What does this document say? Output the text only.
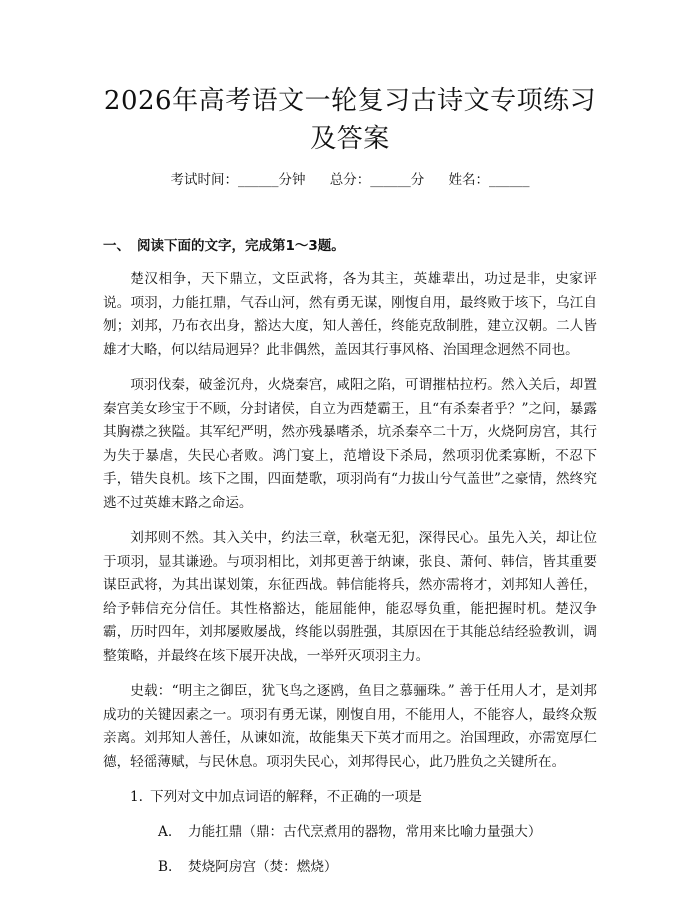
2026年高考语文一轮复习古诗文专项练习及答案
考试时间：______分钟 总分：______分 姓名：______
一、 阅读下面的文字，完成第1～3题。

楚汉相争，天下鼎立，文臣武将，各为其主，英雄辈出，功过是非，史家评说。项羽，力能扛鼎，气吞山河，然有勇无谋，刚愎自用，最终败于垓下，乌江自刎；刘邦，乃布衣出身，豁达大度，知人善任，终能克敌制胜，建立汉朝。二人皆雄才大略，何以结局迥异？此非偶然，盖因其行事风格、治国理念迥然不同也。

项羽伐秦，破釜沉舟，火烧秦宫，咸阳之陷，可谓摧枯拉朽。然入关后，却置秦宫美女珍宝于不顾，分封诸侯，自立为西楚霸王，且“有杀秦者乎？”之问，暴露其胸襟之狭隘。其军纪严明，然亦残暴嗜杀，坑杀秦卒二十万，火烧阿房宫，其行为失于暴虐，失民心者败。鸿门宴上，范增设下杀局，然项羽优柔寡断，不忍下手，错失良机。垓下之围，四面楚歌，项羽尚有“力拔山兮气盖世”之豪情，然终究逃不过英雄末路之命运。

刘邦则不然。其入关中，约法三章，秋毫无犯，深得民心。虽先入关，却让位于项羽，显其谦逊。与项羽相比，刘邦更善于纳谏，张良、萧何、韩信，皆其重要谋臣武将，为其出谋划策，东征西战。韩信能将兵，然亦需将才，刘邦知人善任，给予韩信充分信任。其性格豁达，能屈能伸，能忍辱负重，能把握时机。楚汉争霸，历时四年，刘邦屡败屡战，终能以弱胜强，其原因在于其能总结经验教训，调整策略，并最终在垓下展开决战，一举歼灭项羽主力。

史载：“明主之御臣，犹飞鸟之逐鸥，鱼目之慕骊珠。” 善于任用人才，是刘邦成功的关键因素之一。项羽有勇无谋，刚愎自用，不能用人，不能容人，最终众叛亲离。刘邦知人善任，从谏如流，故能集天下英才而用之。治国理政，亦需宽厚仁德，轻徭薄赋，与民休息。项羽失民心，刘邦得民心，此乃胜负之关键所在。

1. 下列对文中加点词语的解释，不正确的一项是
A. 力能扛鼎（鼎：古代烹煮用的器物，常用来比喻力量强大）
B. 焚烧阿房宫（焚：燃烧）
